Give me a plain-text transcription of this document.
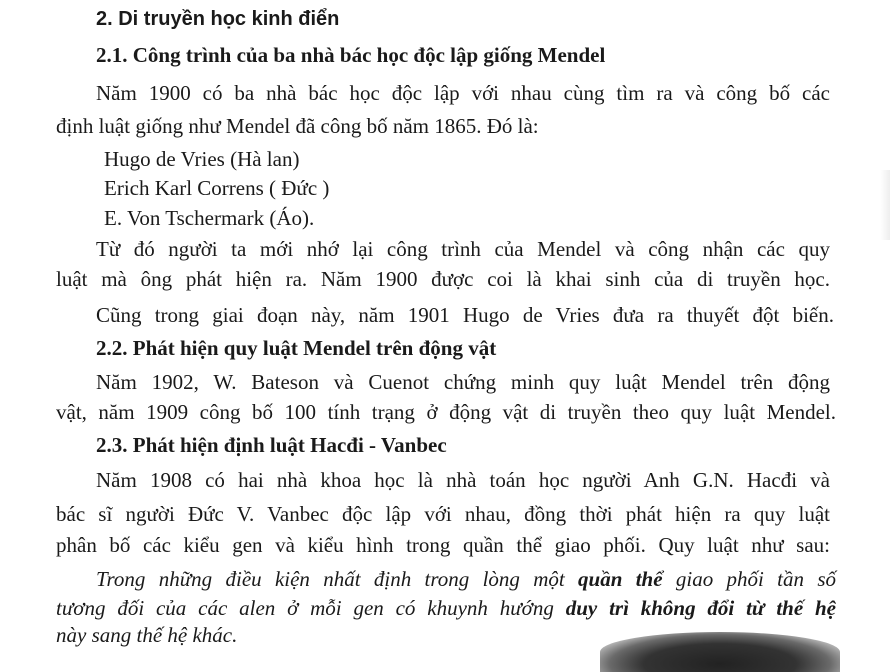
2. Di truyền học kinh điển
2.1. Công trình của ba nhà bác học độc lập giống Mendel
Năm 1900 có ba nhà bác học độc lập với nhau cùng tìm ra và công bố các
định luật giống như Mendel đã công bố năm 1865. Đó là:
Hugo de Vries (Hà lan)
Erich Karl Correns ( Đức )
E. Von Tschermark (Áo).
Từ đó người ta mới nhớ lại công trình của Mendel và công nhận các quy
luật mà ông phát hiện ra. Năm 1900 được coi là khai sinh của di truyền học.
Cũng trong giai đoạn này, năm 1901 Hugo de Vries đưa ra thuyết đột biến.
2.2. Phát hiện quy luật Mendel trên động vật
Năm 1902, W. Bateson và Cuenot chứng minh quy luật Mendel trên động
vật, năm 1909 công bố 100 tính trạng ở động vật di truyền theo quy luật Mendel.
2.3. Phát hiện định luật Hacđi - Vanbec
Năm 1908 có hai nhà khoa học là nhà toán học người Anh G.N. Hacđi và
bác sĩ người Đức V. Vanbec độc lập với nhau, đồng thời phát hiện ra quy luật
phân bố các kiểu gen và kiểu hình trong quần thể giao phối. Quy luật như sau:
Trong những điều kiện nhất định trong lòng một quần thể giao phối tần số
tương đối của các alen ở mỗi gen có khuynh hướng duy trì không đổi từ thế hệ
này sang thế hệ khác.
